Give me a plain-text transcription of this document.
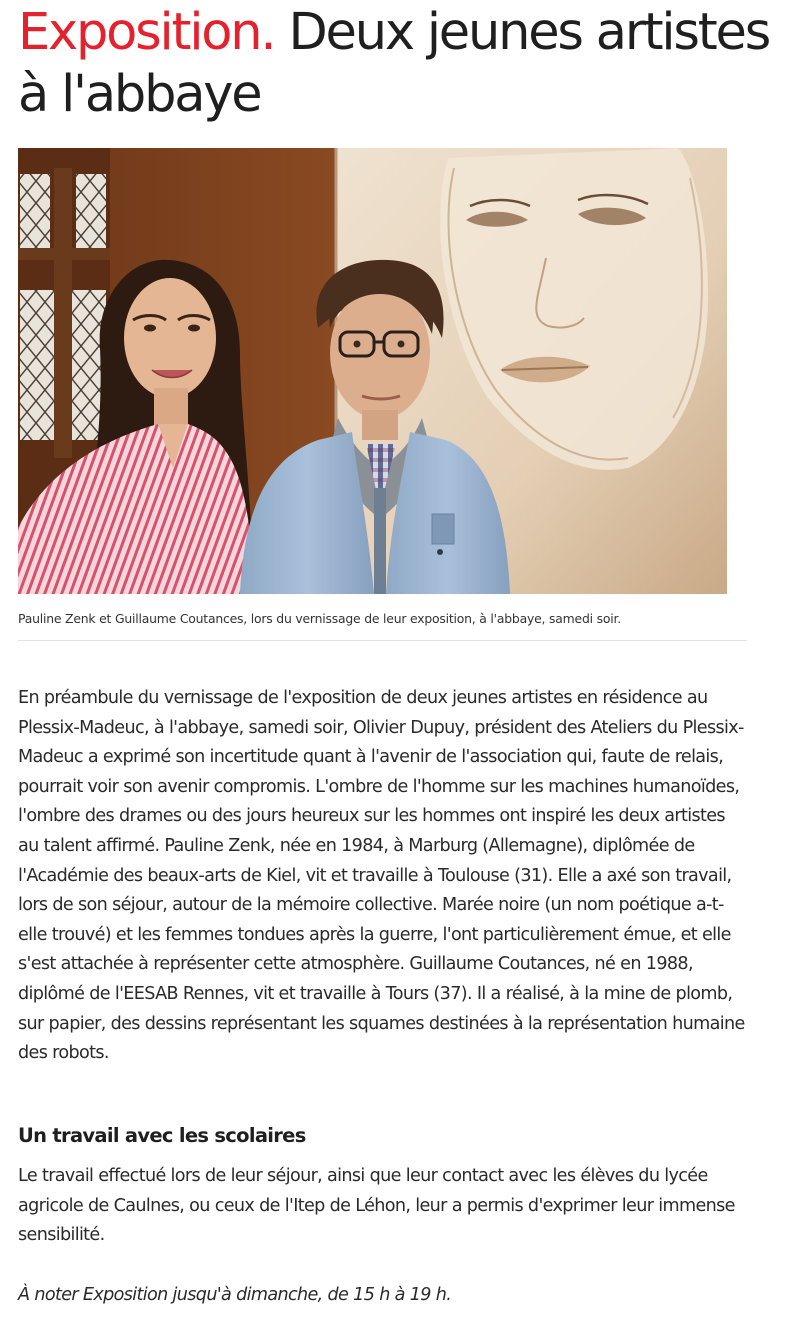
Exposition. Deux jeunes artistes à l'abbaye
Pauline Zenk et Guillaume Coutances, lors du vernissage de leur exposition, à l'abbaye, samedi soir.

En préambule du vernissage de l'exposition de deux jeunes artistes en résidence au Plessix-Madeuc, à l'abbaye, samedi soir, Olivier Dupuy, président des Ateliers du Plessix-Madeuc a exprimé son incertitude quant à l'avenir de l'association qui, faute de relais, pourrait voir son avenir compromis. L'ombre de l'homme sur les machines humanoïdes, l'ombre des drames ou des jours heureux sur les hommes ont inspiré les deux artistes au talent affirmé. Pauline Zenk, née en 1984, à Marburg (Allemagne), diplômée de l'Académie des beaux-arts de Kiel, vit et travaille à Toulouse (31). Elle a axé son travail, lors de son séjour, autour de la mémoire collective. Marée noire (un nom poétique a-t-elle trouvé) et les femmes tondues après la guerre, l'ont particulièrement émue, et elle s'est attachée à représenter cette atmosphère. Guillaume Coutances, né en 1988, diplômé de l'EESAB Rennes, vit et travaille à Tours (37). Il a réalisé, à la mine de plomb, sur papier, des dessins représentant les squames destinées à la représentation humaine des robots.

Un travail avec les scolaires

Le travail effectué lors de leur séjour, ainsi que leur contact avec les élèves du lycée agricole de Caulnes, ou ceux de l'Itep de Léhon, leur a permis d'exprimer leur immense sensibilité.

À noter Exposition jusqu'à dimanche, de 15 h à 19 h.
